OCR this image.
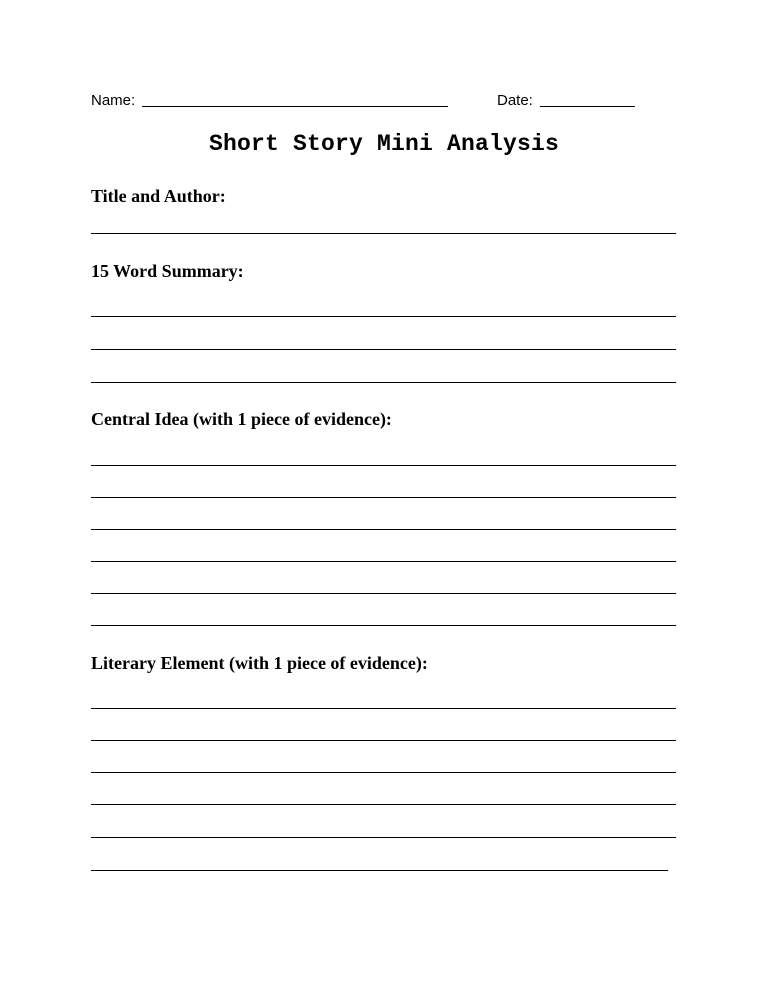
Name:	Date:
Short Story Mini Analysis
Title and Author:
15 Word Summary:
Central Idea (with 1 piece of evidence):
Literary Element (with 1 piece of evidence):
